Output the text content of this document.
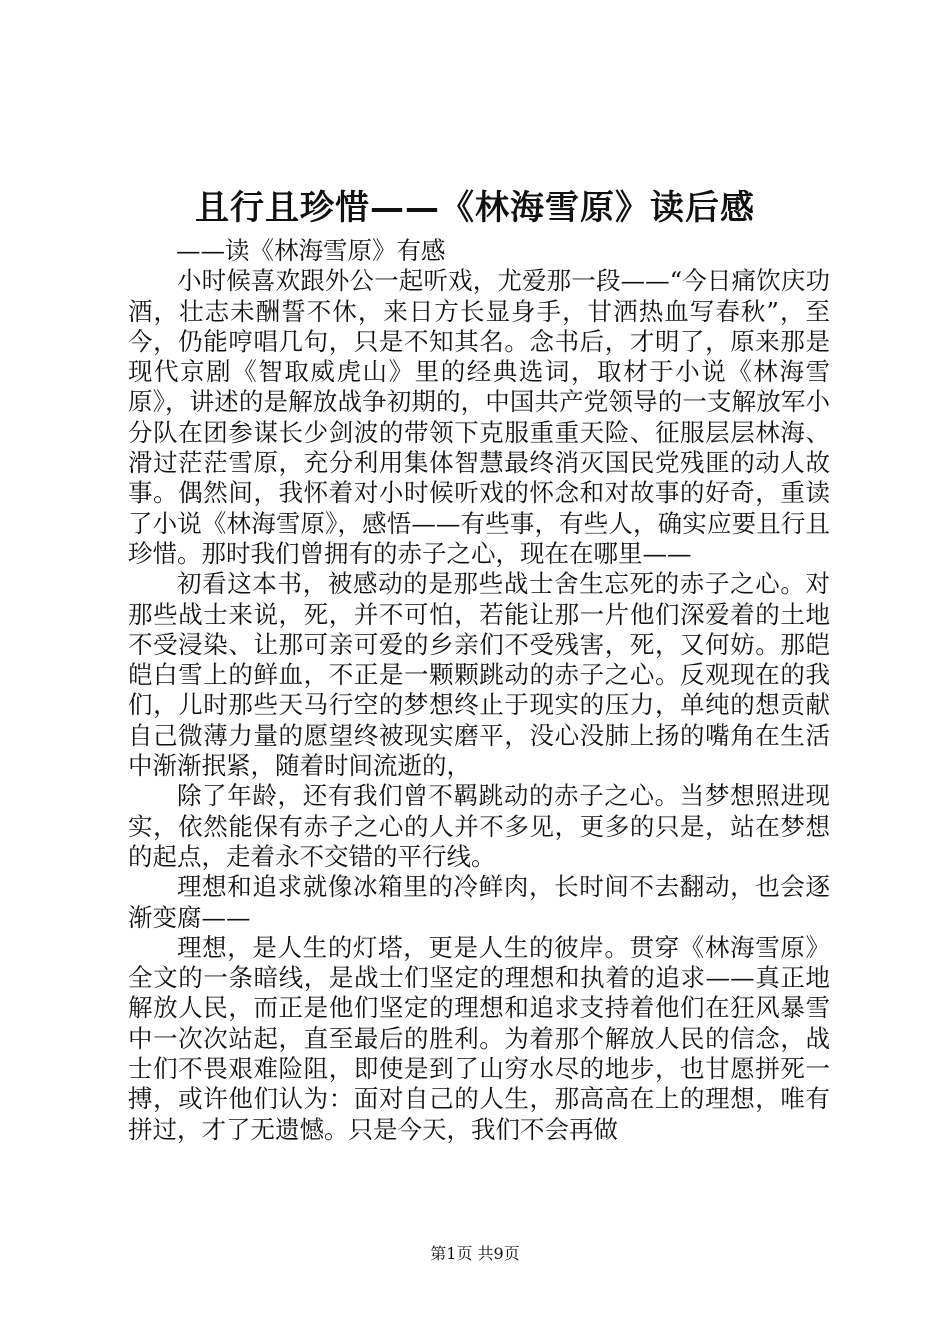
且行且珍惜——《林海雪原》读后感

——读《林海雪原》有感

小时候喜欢跟外公一起听戏，尤爱那一段——“今日痛饮庆功酒，壮志未酬誓不休，来日方长显身手，甘洒热血写春秋”，至今，仍能哼唱几句，只是不知其名。念书后，才明了，原来那是现代京剧《智取威虎山》里的经典选词，取材于小说《林海雪原》，讲述的是解放战争初期的，中国共产党领导的一支解放军小分队在团参谋长少剑波的带领下克服重重天险、征服层层林海、滑过茫茫雪原，充分利用集体智慧最终消灭国民党残匪的动人故事。偶然间，我怀着对小时候听戏的怀念和对故事的好奇，重读了小说《林海雪原》，感悟——有些事，有些人，确实应要且行且珍惜。那时我们曾拥有的赤子之心，现在在哪里——

初看这本书，被感动的是那些战士舍生忘死的赤子之心。对那些战士来说，死，并不可怕，若能让那一片他们深爱着的土地不受浸染、让那可亲可爱的乡亲们不受残害，死，又何妨。那皑皑白雪上的鲜血，不正是一颗颗跳动的赤子之心。反观现在的我们，儿时那些天马行空的梦想终止于现实的压力，单纯的想贡献自己微薄力量的愿望终被现实磨平，没心没肺上扬的嘴角在生活中渐渐抿紧，随着时间流逝的，

除了年龄，还有我们曾不羁跳动的赤子之心。当梦想照进现实，依然能保有赤子之心的人并不多见，更多的只是，站在梦想的起点，走着永不交错的平行线。

理想和追求就像冰箱里的冷鲜肉，长时间不去翻动，也会逐渐变腐——

理想，是人生的灯塔，更是人生的彼岸。贯穿《林海雪原》全文的一条暗线，是战士们坚定的理想和执着的追求——真正地解放人民，而正是他们坚定的理想和追求支持着他们在狂风暴雪中一次次站起，直至最后的胜利。为着那个解放人民的信念，战士们不畏艰难险阻，即使是到了山穷水尽的地步，也甘愿拼死一搏，或许他们认为：面对自己的人生，那高高在上的理想，唯有拼过，才了无遗憾。只是今天，我们不会再做

第1页 共9页
